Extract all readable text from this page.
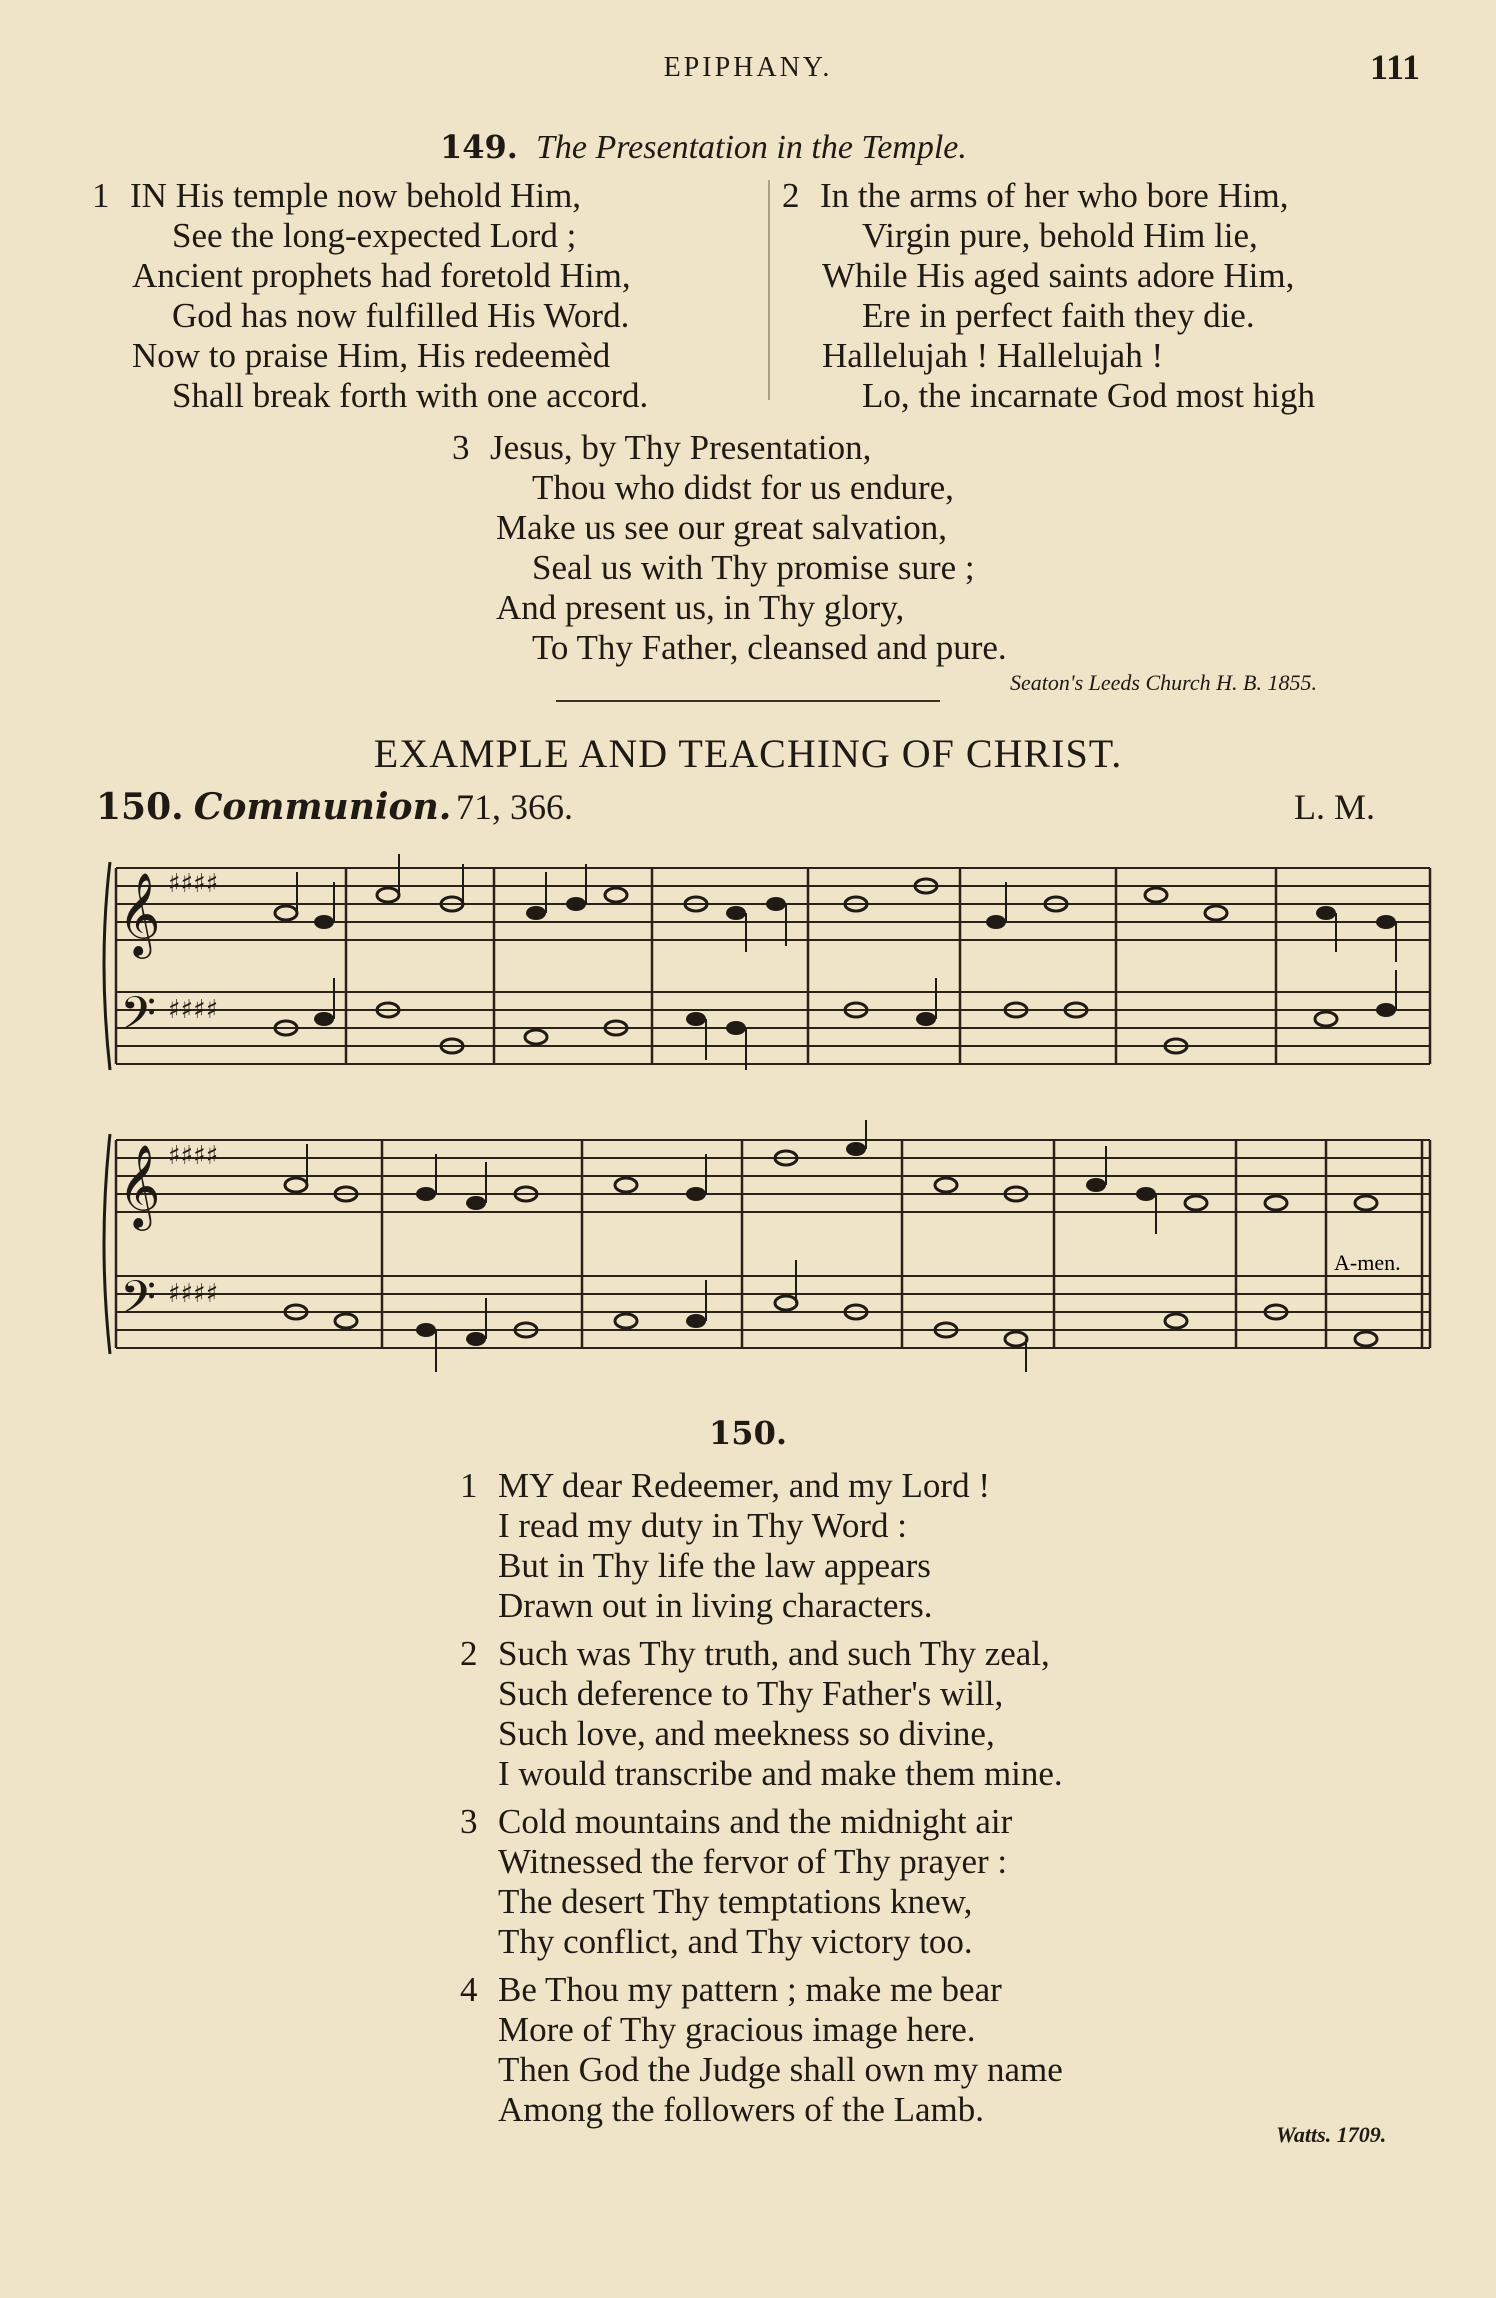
EPIPHANY.	111
149. The Presentation in the Temple.
1 IN His temple now behold Him,
See the long-expected Lord ;
Ancient prophets had foretold Him,
God has now fulfilled His Word.
Now to praise Him, His redeemèd
Shall break forth with one accord.
2 In the arms of her who bore Him,
Virgin pure, behold Him lie,
While His aged saints adore Him,
Ere in perfect faith they die.
Hallelujah ! Hallelujah !
Lo, the incarnate God most high
3 Jesus, by Thy Presentation,
Thou who didst for us endure,
Make us see our great salvation,
Seal us with Thy promise sure ;
And present us, in Thy glory,
To Thy Father, cleansed and pure.
Seaton's Leeds Church H. B. 1855.
EXAMPLE AND TEACHING OF CHRIST.
150. Communion. 71, 366.	L. M.
𝄞
𝄢
♯♯♯♯
♯♯♯♯
𝄞
𝄢
♯♯♯♯
♯♯♯♯
A-men.
150.
1 MY dear Redeemer, and my Lord !
I read my duty in Thy Word :
But in Thy life the law appears
Drawn out in living characters.
2 Such was Thy truth, and such Thy zeal,
Such deference to Thy Father's will,
Such love, and meekness so divine,
I would transcribe and make them mine.
3 Cold mountains and the midnight air
Witnessed the fervor of Thy prayer :
The desert Thy temptations knew,
Thy conflict, and Thy victory too.
4 Be Thou my pattern ; make me bear
More of Thy gracious image here.
Then God the Judge shall own my name
Among the followers of the Lamb.
Watts. 1709.
